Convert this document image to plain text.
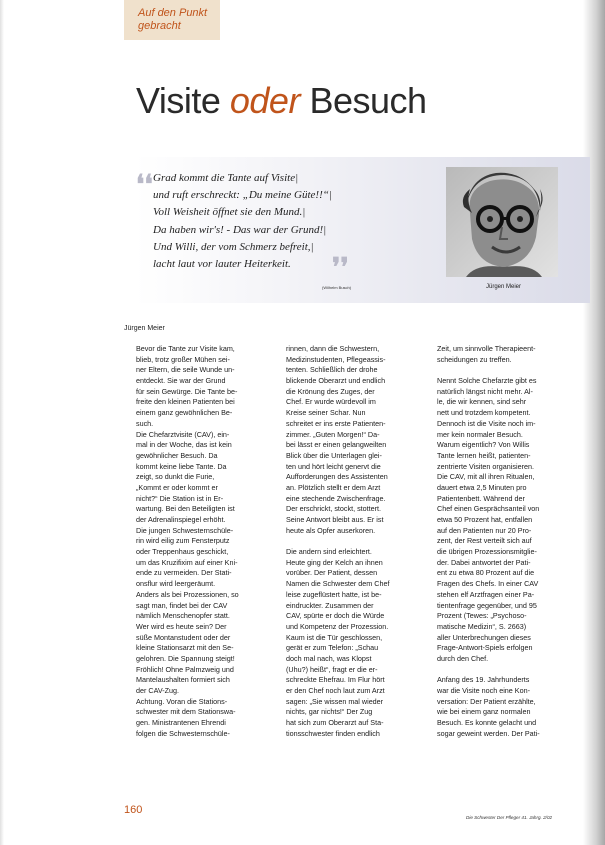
Auf den Punkt
gebracht
Visite oder Besuch
❛❛ Grad kommt die Tante auf Visite|
und ruft erschreckt: „Du meine Güte!!“|
Voll Weisheit öffnet sie den Mund.|
Da haben wir's! - Das war der Grund!|
Und Willi, der vom Schmerz befreit,|
lacht laut vor lauter Heiterkeit.	❜❜
(Wilhelm Busch)	Jürgen Meier
Jürgen Meier
Bevor die Tante zur Visite kam,
blieb, trotz großer Mühen sei-
ner Eltern, die seile Wunde un-
entdeckt. Sie war der Grund
für sein Gewürge. Die Tante be-
freite den kleinen Patienten bei
einem ganz gewöhnlichen Be-
such.
Die Chefarztvisite (CAV), ein-
mal in der Woche, das ist kein
gewöhnlicher Besuch. Da
kommt keine liebe Tante. Da
zeigt, so dunkt die Furie,
„Kommt er oder kommt er
nicht?“ Die Station ist in Er-
wartung. Bei den Beteiligten ist
der Adrenalinspiegel erhöht.
Die jungen Schwesternschüle-
rin wird eilig zum Fensterputz
oder Treppenhaus geschickt,
um das Kruzifixim auf einer Kni-
ende zu vermeiden. Der Stati-
onsflur wird leergeräumt.
Anders als bei Prozessionen, so
sagt man, findet bei der CAV
nämlich Menschenopfer statt.
Wer wird es heute sein? Der
süße Montanstudent oder der
kleine Stationsarzt mit den Se-
gelohren. Die Spannung steigt!
Fröhlich! Ohne Palmzweig und
Mantelaushalten formiert sich
der CAV-Zug.
Achtung. Voran die Stations-
schwester mit dem Stationswa-
gen. Ministrantenen Ehrendi
folgen die Schwesternschüle-
rinnen, dann die Schwestern,
Medizinstudenten, Pflegeassis-
tenten. Schließlich der drohe
blickende Oberarzt und endlich
die Krönung des Zuges, der
Chef. Er wurde würdevoll im
Kreise seiner Schar. Nun
schreitet er ins erste Patienten-
zimmer. „Guten Morgen!“ Da-
bei lässt er einen gelangweilten
Blick über die Unterlagen glei-
ten und hört leicht genervt die
Aufforderungen des Assistenten
an. Plötzlich stellt er dem Arzt
eine stechende Zwischenfrage.
Der erschrickt, stockt, stottert.
Seine Antwort bleibt aus. Er ist
heute als Opfer auserkoren.
Die andern sind erleichtert.
Heute ging der Kelch an ihnen
vorüber. Der Patient, dessen
Namen die Schwester dem Chef
leise zugeflüstert hatte, ist be-
eindruckter. Zusammen der
CAV, spürte er doch die Würde
und Kompetenz der Prozession.
Kaum ist die Tür geschlossen,
gerät er zum Telefon: „Schau
doch mal nach, was Klopst
(Uhu?) heißt“, fragt er die er-
schreckte Ehefrau. Im Flur hört
er den Chef noch laut zum Arzt
sagen: „Sie wissen mal wieder
nichts, gar nichts!“ Der Zug
hat sich zum Oberarzt auf Sta-
tionsschwester finden endlich
Zeit, um sinnvolle Therapieent-
scheidungen zu treffen.
Nennt Solche Chefarzte gibt es
natürlich längst nicht mehr. Al-
le, die wir kennen, sind sehr
nett und trotzdem kompetent.
Dennoch ist die Visite noch im-
mer kein normaler Besuch.
Warum eigentlich? Von Willis
Tante lernen heißt, patienten-
zentrierte Visiten organisieren.
Die CAV, mit all ihren Ritualen,
dauert etwa 2,5 Minuten pro
Patientenbett. Während der
Chef einen Gesprächsanteil von
etwa 50 Prozent hat, entfallen
auf den Patienten nur 20 Pro-
zent, der Rest verteilt sich auf
die übrigen Prozessionsmitglie-
der. Dabei antwortet der Pati-
ent zu etwa 80 Prozent auf die
Fragen des Chefs. In einer CAV
stehen elf Arztfragen einer Pa-
tientenfrage gegenüber, und 95
Prozent (Tewes: „Psychoso-
matische Medizin“, S. 2663)
aller Unterbrechungen dieses
Frage-Antwort-Spiels erfolgen
durch den Chef.
Anfang des 19. Jahrhunderts
war die Visite noch eine Kon-
versation: Der Patient erzählte,
wie bei einem ganz normalen
Besuch. Es konnte gelacht und
sogar geweint werden. Der Pati-
160
Die Schwester Der Pfleger 41. Jahrg. 2/02
